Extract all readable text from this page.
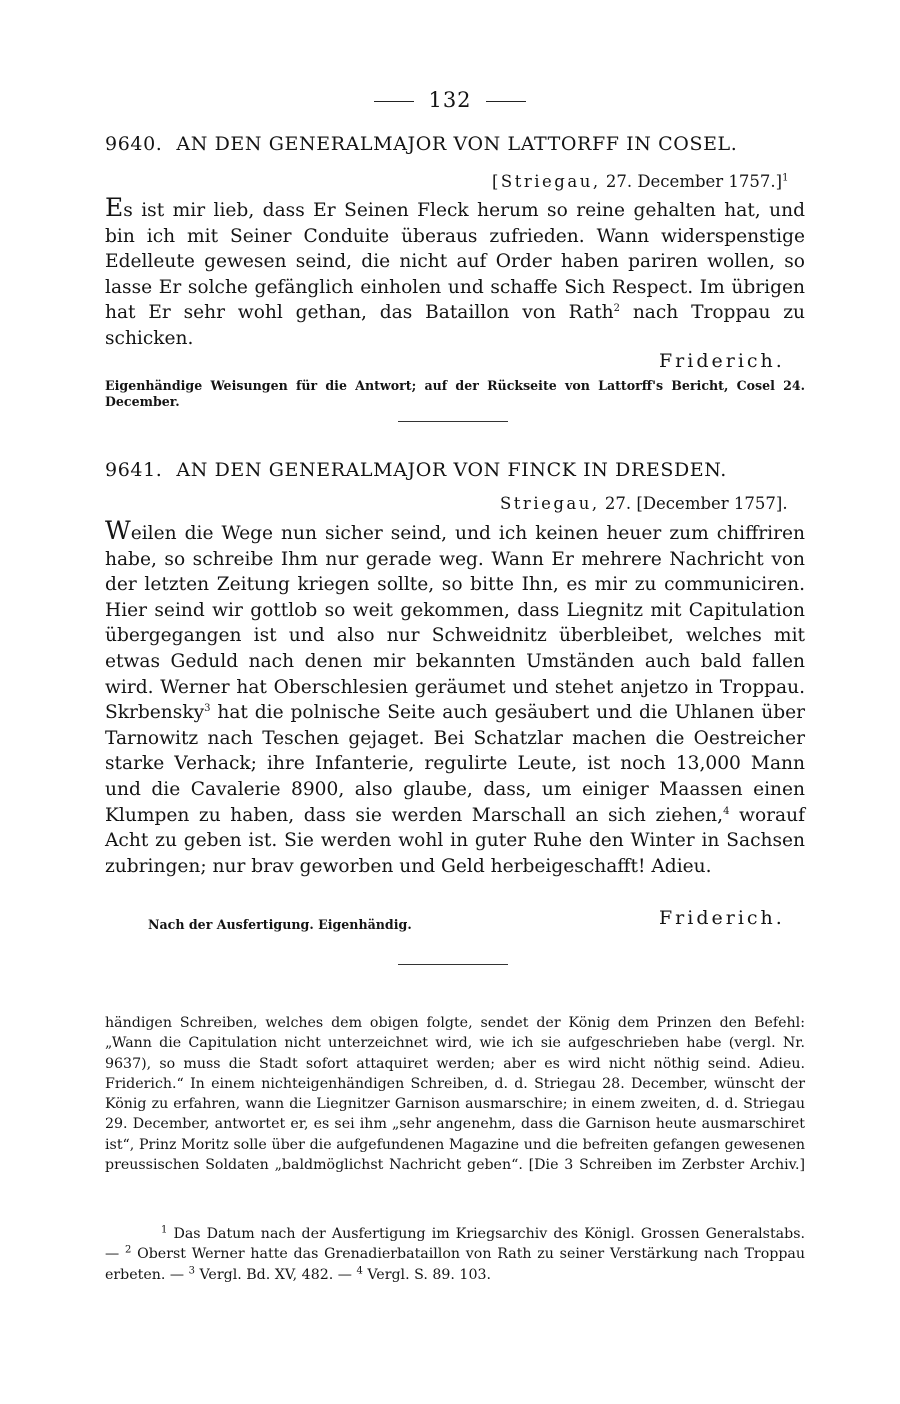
132
9640. AN DEN GENERALMAJOR VON LATTORFF IN COSEL.
[Striegau, 27. December 1757.]$^1$

Es ist mir lieb, dass Er Seinen Fleck herum so reine gehalten hat, und bin ich mit Seiner Conduite überaus zufrieden. Wann widerspenstige Edelleute gewesen seind, die nicht auf Order haben pariren wollen, so lasse Er solche gefänglich einholen und schaffe Sich Respect. Im übrigen hat Er sehr wohl gethan, das Bataillon von Rath$^2$ nach Troppau zu schicken.

Friderich.

Eigenhändige Weisungen für die Antwort; auf der Rückseite von Lattorff's Bericht, Cosel 24. December.

9641. AN DEN GENERALMAJOR VON FINCK IN DRESDEN.
Striegau, 27. [December 1757].

Weilen die Wege nun sicher seind, und ich keinen heuer zum chiffriren habe, so schreibe Ihm nur gerade weg. Wann Er mehrere Nachricht von der letzten Zeitung kriegen sollte, so bitte Ihn, es mir zu communiciren. Hier seind wir gottlob so weit gekommen, dass Liegnitz mit Capitulation übergegangen ist und also nur Schweidnitz überbleibet, welches mit etwas Geduld nach denen mir bekannten Umständen auch bald fallen wird. Werner hat Oberschlesien geräumet und stehet anjetzo in Troppau. Skrbensky$^3$ hat die polnische Seite auch gesäubert und die Uhlanen über Tarnowitz nach Teschen gejaget. Bei Schatzlar machen die Oestreicher starke Verhack; ihre Infanterie, regulirte Leute, ist noch 13,000 Mann und die Cavalerie 8900, also glaube, dass, um einiger Maassen einen Klumpen zu haben, dass sie werden Marschall an sich ziehen,$^4$ worauf Acht zu geben ist. Sie werden wohl in guter Ruhe den Winter in Sachsen zubringen; nur brav geworben und Geld herbeigeschafft! Adieu.

Nach der Ausfertigung. Eigenhändig.	Friderich.

händigen Schreiben, welches dem obigen folgte, sendet der König dem Prinzen den Befehl: „Wann die Capitulation nicht unterzeichnet wird, wie ich sie aufgeschrieben habe (vergl. Nr. 9637), so muss die Stadt sofort attaquiret werden; aber es wird nicht nöthig seind. Adieu. Friderich.“ In einem nichteigenhändigen Schreiben, d. d. Striegau 28. December, wünscht der König zu erfahren, wann die Liegnitzer Garnison ausmarschire; in einem zweiten, d. d. Striegau 29. December, antwortet er, es sei ihm „sehr angenehm, dass die Garnison heute ausmarschiret ist“, Prinz Moritz solle über die aufgefundenen Magazine und die befreiten gefangen gewesenen preussischen Soldaten „baldmöglichst Nachricht geben“. [Die 3 Schreiben im Zerbster Archiv.]

$^1$ Das Datum nach der Ausfertigung im Kriegsarchiv des Königl. Grossen Generalstabs. — $^2$ Oberst Werner hatte das Grenadierbataillon von Rath zu seiner Verstärkung nach Troppau erbeten. — $^3$ Vergl. Bd. XV, 482. — $^4$ Vergl. S. 89. 103.
